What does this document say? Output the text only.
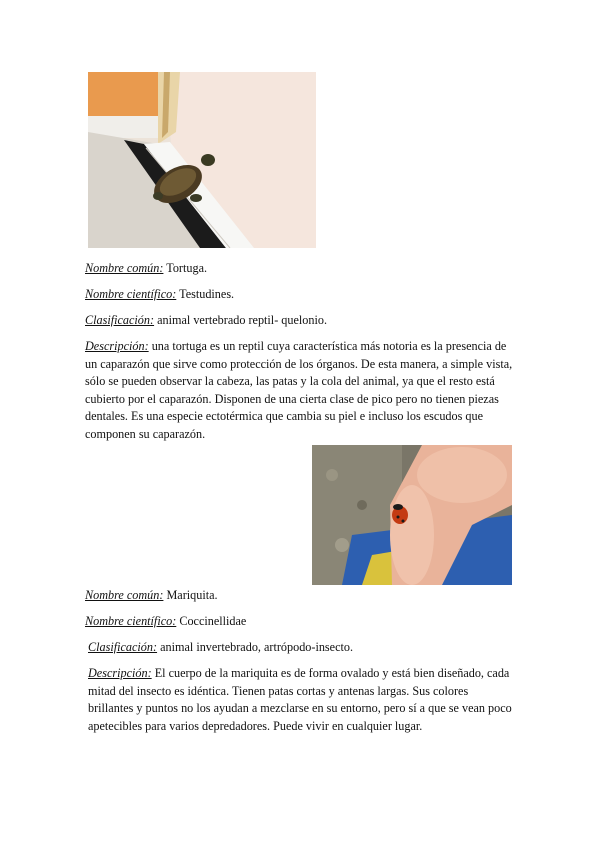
Nombre común: Tortuga.

Nombre científico: Testudines.

Clasificación: animal vertebrado reptil- quelonio.

Descripción: una tortuga es un reptil cuya característica más notoria es la presencia de un caparazón que sirve como protección de los órganos. De esta manera, a simple vista, sólo se pueden observar la cabeza, las patas y la cola del animal, ya que el resto está cubierto por el caparazón. Disponen de una cierta clase de pico pero no tienen piezas dentales. Es una especie ectotérmica que cambia su piel e incluso los escudos que componen su caparazón.

Nombre común: Mariquita.

Nombre científico: Coccinellidae

Clasificación: animal invertebrado, artrópodo-insecto.

Descripción: El cuerpo de la mariquita es de forma ovalado y está bien diseñado, cada mitad del insecto es idéntica. Tienen patas cortas y antenas largas. Sus colores brillantes y puntos no los ayudan a mezclarse en su entorno, pero sí a que se vean poco apetecibles para varios depredadores. Puede vivir en cualquier lugar.
